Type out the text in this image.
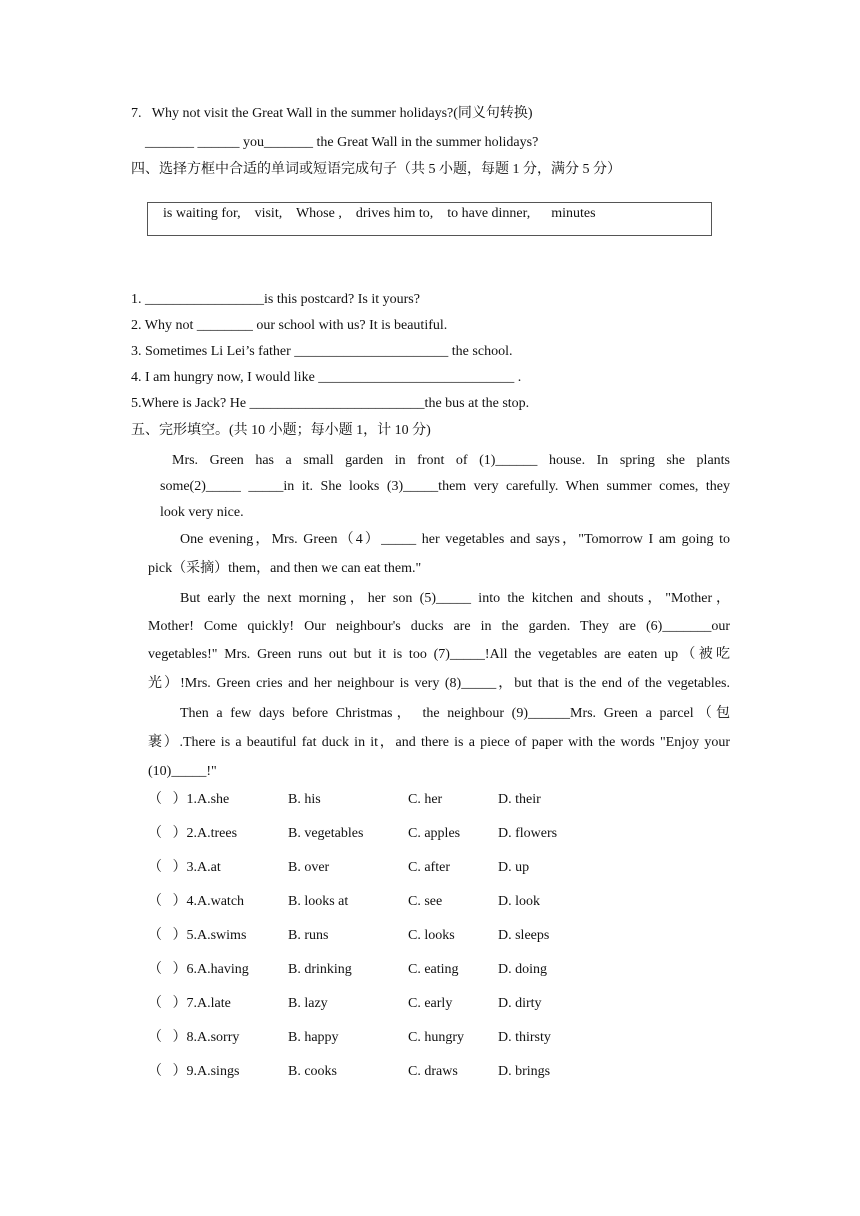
7.   Why not visit the Great Wall in the summer holidays?(同义句转换)
_______ ______ you_______ the Great Wall in the summer holidays?
四、选择方框中合适的单词或短语完成句子（共 5 小题，每题 1 分，满分 5 分）
is waiting for,    visit,    Whose ,    drives him to,    to have dinner,      minutes
1. _________________is this postcard? Is it yours?
2. Why not ________ our school with us? It is beautiful.
3. Sometimes Li Lei’s father ______________________ the school.
4. I am hungry now, I would like ____________________________ .
5.Where is Jack? He _________________________the bus at the stop.
五、完形填空。(共 10 小题；每小题 1，计 10 分)
Mrs. Green has a small garden in front of (1)______ house. In spring she plants
some(2)_____ _____in it. She looks (3)_____them very carefully. When summer comes, they
look very nice.
One evening，Mrs. Green（4）_____ her vegetables and says，"Tomorrow I am going to
pick（采摘）them，and then we can eat them."
But early the next morning，her son (5)_____ into the kitchen and shouts，"Mother，
Mother! Come quickly! Our neighbour's ducks are in the garden. They are (6)_______our
vegetables!" Mrs. Green runs out but it is too (7)_____!All the vegetables are eaten up（被吃
光）!Mrs. Green cries and her neighbour is very (8)_____，but that is the end of the vegetables.
Then a few days before Christmas， the neighbour (9)______Mrs. Green a parcel（包
裹）.There is a beautiful fat duck in it，and there is a piece of paper with the words "Enjoy your
(10)_____!"
（   ）1.A.she	B. his	C. her	D. their
（   ）2.A.trees	B. vegetables	C. apples	D. flowers
（   ）3.A.at	B. over	C. after	D. up
（   ）4.A.watch	B. looks at	C. see	D. look
（   ）5.A.swims	B. runs	C. looks	D. sleeps
（   ）6.A.having	B. drinking	C. eating	D. doing
（   ）7.A.late	B. lazy	C. early	D. dirty
（   ）8.A.sorry	B. happy	C. hungry D. thirsty
（   ）9.A.sings	B. cooks	C. draws	D. brings
